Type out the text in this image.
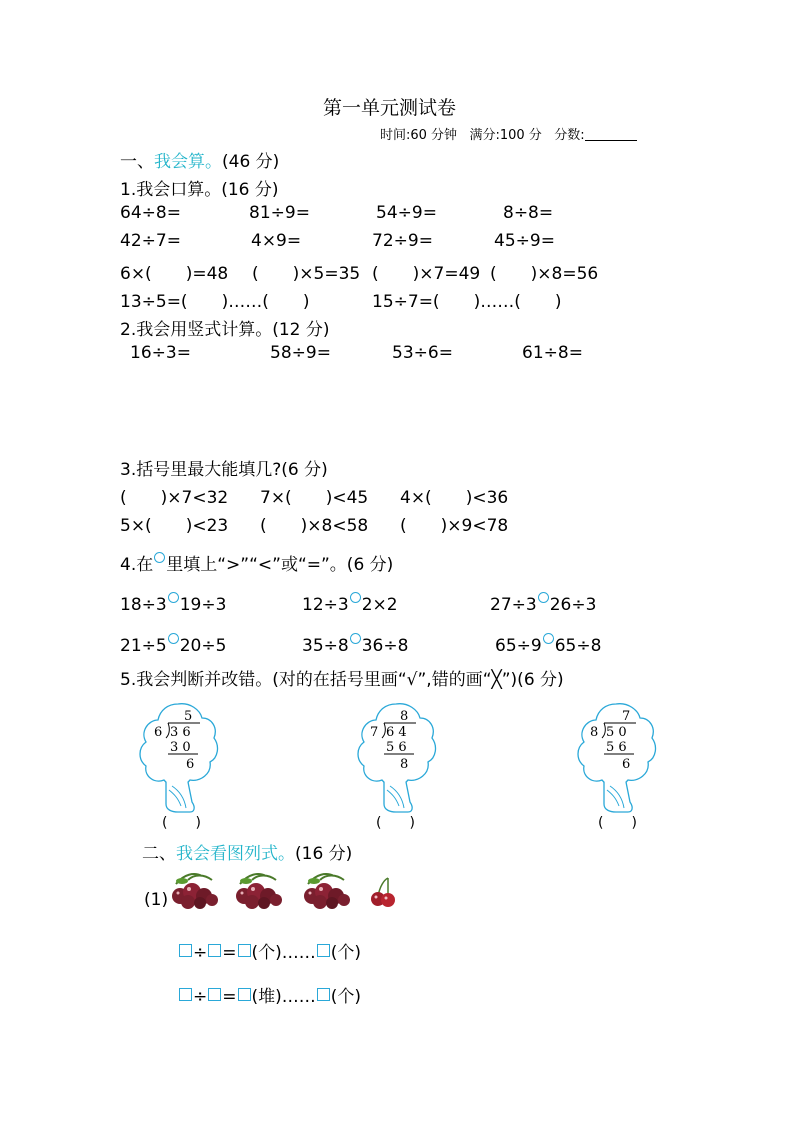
第一单元测试卷
时间:60 分钟 满分:100 分 分数:
一、我会算。(46 分)
1.我会口算。(16 分)
64÷8=	81÷9=	54÷9=	8÷8=
42÷7=	4×9=	72÷9=	45÷9=
6×(　　)=48 (　　)×5=35 (　　)×7=49 (　　)×8=56
13÷5=(　　)……(　　)	15÷7=(　　)……(　　)
2.我会用竖式计算。(12 分)
16÷3=	58÷9=	53÷6=	61÷8=
3.括号里最大能填几?(6 分)
(　　)×7<32 7×(　　)<45 4×(　　)<36
5×(　　)<23 (　　)×8<58 (　　)×9<78
4.在 里填上“>”“<”或“=”。(6 分)
18÷3 19÷3	12÷3 2×2	27÷3 26÷3
21÷5 20÷5	35÷8 36÷8	65÷9 65÷8
5.我会判断并改错。(对的在括号里画“√”,错的画“╳”)(6 分)
6
5
3 6
3 0
6
(　　)
7
8
6 4
5 6
8
(　　)
8
7
5 0
5 6
6
(　　)
二、我会看图列式。(16 分)
(1)
÷ = (个)…… (个)
÷ = (堆)…… (个)
